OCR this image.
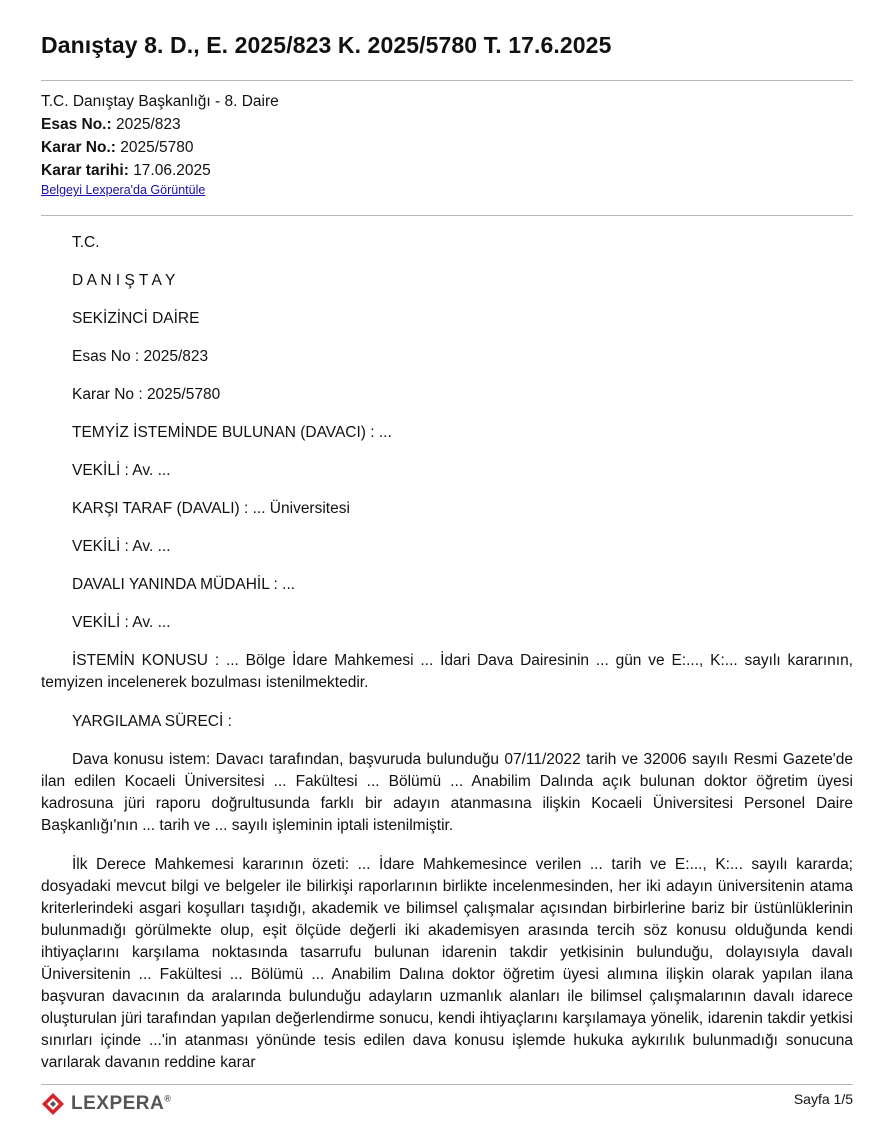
Danıştay 8. D., E. 2025/823 K. 2025/5780 T. 17.6.2025
T.C. Danıştay Başkanlığı - 8. Daire
Esas No.: 2025/823
Karar No.: 2025/5780
Karar tarihi: 17.06.2025
Belgeyi Lexpera'da Görüntüle

T.C.

D A N I Ş T A Y

SEKİZİNCİ DAİRE

Esas No : 2025/823

Karar No : 2025/5780

TEMYİZ İSTEMİNDE BULUNAN (DAVACI) : ...

VEKİLİ : Av. ...

KARŞI TARAF (DAVALI) : ... Üniversitesi

VEKİLİ : Av. ...

DAVALI YANINDA MÜDAHİL : ...

VEKİLİ : Av. ...

İSTEMİN KONUSU : ... Bölge İdare Mahkemesi ... İdari Dava Dairesinin ... gün ve E:..., K:... sayılı kararının, temyizen incelenerek bozulması istenilmektedir.

YARGILAMA SÜRECİ :

Dava konusu istem: Davacı tarafından, başvuruda bulunduğu 07/11/2022 tarih ve 32006 sayılı Resmi Gazete'de ilan edilen Kocaeli Üniversitesi ... Fakültesi ... Bölümü ... Anabilim Dalında açık bulunan doktor öğretim üyesi kadrosuna jüri raporu doğrultusunda farklı bir adayın atanmasına ilişkin Kocaeli Üniversitesi Personel Daire Başkanlığı'nın ... tarih ve ... sayılı işleminin iptali istenilmiştir.

İlk Derece Mahkemesi kararının özeti: ... İdare Mahkemesince verilen ... tarih ve E:..., K:... sayılı kararda; dosyadaki mevcut bilgi ve belgeler ile bilirkişi raporlarının birlikte incelenmesinden, her iki adayın üniversitenin atama kriterlerindeki asgari koşulları taşıdığı, akademik ve bilimsel çalışmalar açısından birbirlerine bariz bir üstünlüklerinin bulunmadığı görülmekte olup, eşit ölçüde değerli iki akademisyen arasında tercih söz konusu olduğunda kendi ihtiyaçlarını karşılama noktasında tasarrufu bulunan idarenin takdir yetkisinin bulunduğu, dolayısıyla davalı Üniversitenin ... Fakültesi ... Bölümü ... Anabilim Dalına doktor öğretim üyesi alımına ilişkin olarak yapılan ilana başvuran davacının da aralarında bulunduğu adayların uzmanlık alanları ile bilimsel çalışmalarının davalı idarece oluşturulan jüri tarafından yapılan değerlendirme sonucu, kendi ihtiyaçlarını karşılamaya yönelik, idarenin takdir yetkisi sınırları içinde ...'in atanması yönünde tesis edilen dava konusu işlemde hukuka aykırılık bulunmadığı sonucuna varılarak davanın reddine karar

LEXPERA®	Sayfa 1/5
